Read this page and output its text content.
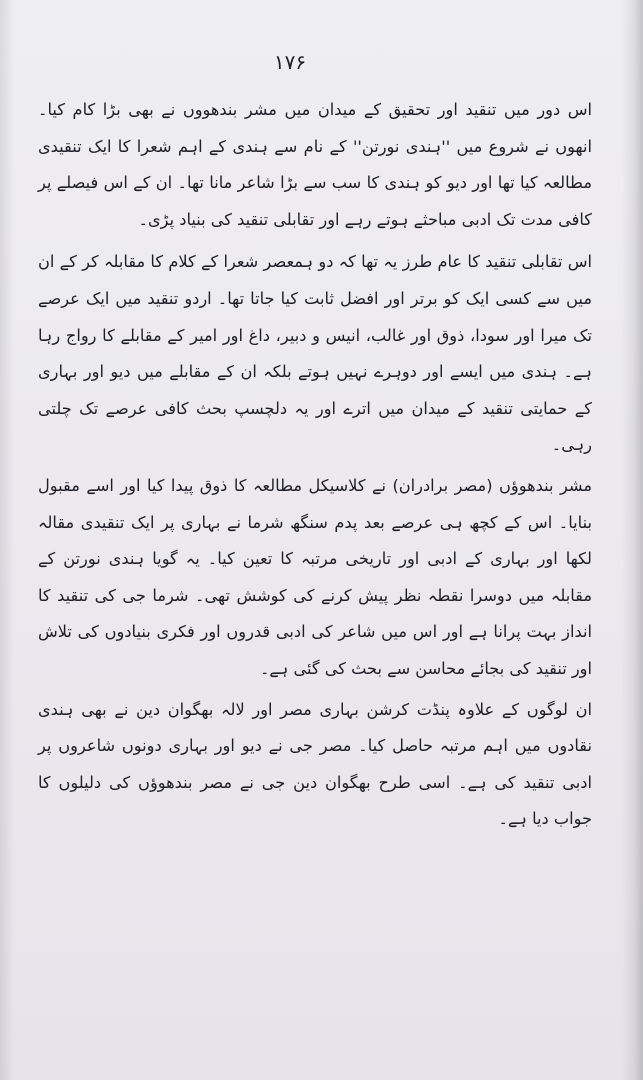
۱۷۶

اس دور میں تنقید اور تحقیق کے میدان میں مشر بندھووں نے بھی بڑا کام کیا۔ انھوں نے شروع میں ''ہندی نورتن'' کے نام سے ہندی کے اہم شعرا کا ایک تنقیدی مطالعہ کیا تھا اور دیو کو ہندی کا سب سے بڑا شاعر مانا تھا۔ ان کے اس فیصلے پر کافی مدت تک ادبی مباحثے ہوتے رہے اور تقابلی تنقید کی بنیاد پڑی۔

اس تقابلی تنقید کا عام طرز یہ تھا کہ دو ہمعصر شعرا کے کلام کا مقابلہ کر کے ان میں سے کسی ایک کو برتر اور افضل ثابت کیا جاتا تھا۔ اردو تنقید میں ایک عرصے تک میرا اور سودا، ذوق اور غالب، انیس و دبیر، داغ اور امیر کے مقابلے کا رواج رہا ہے۔ ہندی میں ایسے اور دوہرے نہیں ہوتے بلکہ ان کے مقابلے میں دیو اور بہاری کے حمایتی تنقید کے میدان میں اترے اور یہ دلچسپ بحث کافی عرصے تک چلتی رہی۔

مشر بندھوؤں (مصر برادران) نے کلاسیکل مطالعہ کا ذوق پیدا کیا اور اسے مقبول بنایا۔ اس کے کچھ ہی عرصے بعد پدم سنگھ شرما نے بہاری پر ایک تنقیدی مقالہ لکھا اور بہاری کے ادبی اور تاریخی مرتبہ کا تعین کیا۔ یہ گویا ہندی نورتن کے مقابلہ میں دوسرا نقطہ نظر پیش کرنے کی کوشش تھی۔ شرما جی کی تنقید کا انداز بہت پرانا ہے اور اس میں شاعر کی ادبی قدروں اور فکری بنیادوں کی تلاش اور تنقید کی بجائے محاسن سے بحث کی گئی ہے۔

ان لوگوں کے علاوہ پنڈت کرشن بہاری مصر اور لالہ بھگوان دین نے بھی ہندی نقادوں میں اہم مرتبہ حاصل کیا۔ مصر جی نے دیو اور بہاری دونوں شاعروں پر ادبی تنقید کی ہے۔ اسی طرح بھگوان دین جی نے مصر بندھوؤں کی دلیلوں کا جواب دیا ہے۔
